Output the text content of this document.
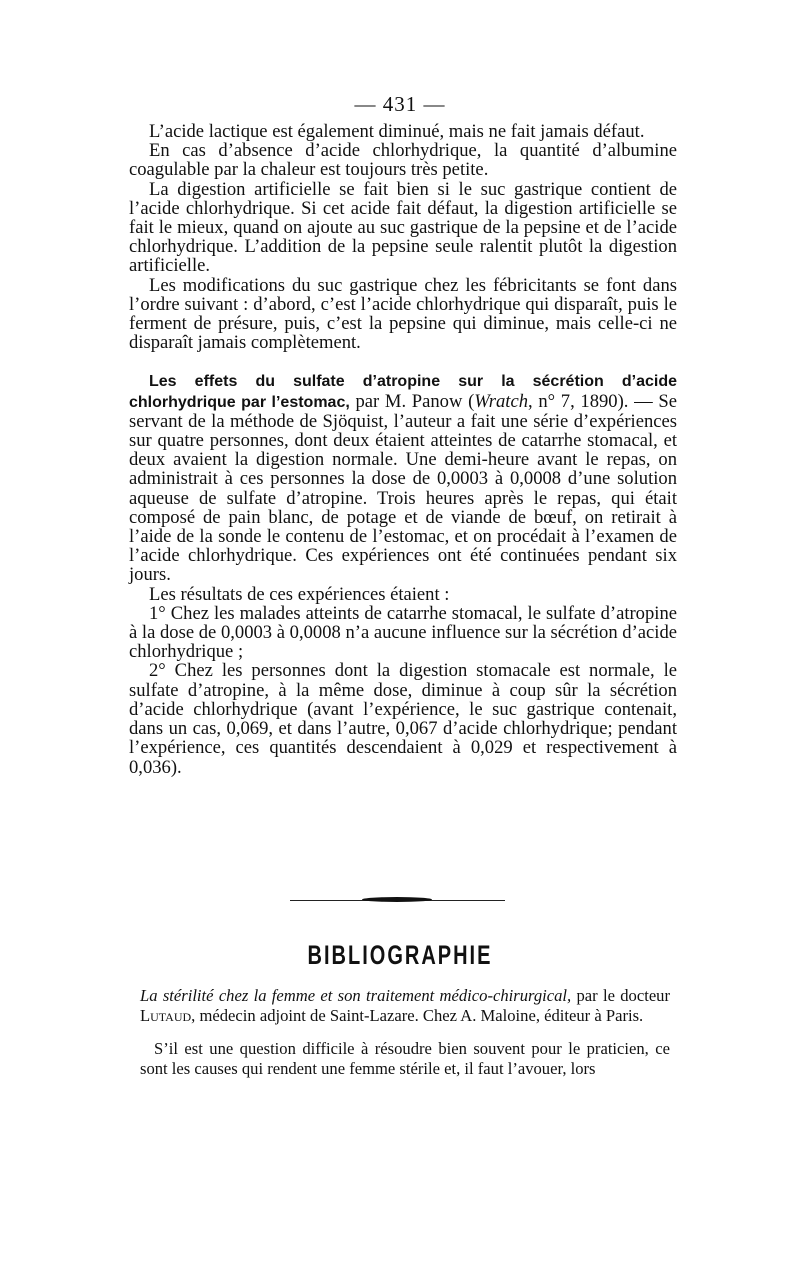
— 431 —

L’acide lactique est également diminué, mais ne fait jamais défaut.

En cas d’absence d’acide chlorhydrique, la quantité d’albumine coagulable par la chaleur est toujours très petite.

La digestion artificielle se fait bien si le suc gastrique contient de l’acide chlorhydrique. Si cet acide fait défaut, la digestion artificielle se fait le mieux, quand on ajoute au suc gastrique de la pepsine et de l’acide chlorhydrique. L’addition de la pepsine seule ralentit plutôt la digestion artificielle.

Les modifications du suc gastrique chez les fébricitants se font dans l’ordre suivant : d’abord, c’est l’acide chlorhydrique qui disparaît, puis le ferment de présure, puis, c’est la pepsine qui diminue, mais celle-ci ne disparaît jamais complètement.

Les effets du sulfate d’atropine sur la sécrétion d’acide chlorhydrique par l’estomac, par M. Panow (Wratch, n° 7, 1890). — Se servant de la méthode de Sjöquist, l’auteur a fait une série d’expériences sur quatre personnes, dont deux étaient atteintes de catarrhe stomacal, et deux avaient la digestion normale. Une demi-heure avant le repas, on administrait à ces personnes la dose de 0,0003 à 0,0008 d’une solution aqueuse de sulfate d’atropine. Trois heures après le repas, qui était composé de pain blanc, de potage et de viande de bœuf, on retirait à l’aide de la sonde le contenu de l’estomac, et on procédait à l’examen de l’acide chlorhydrique. Ces expériences ont été continuées pendant six jours.

Les résultats de ces expériences étaient :

1° Chez les malades atteints de catarrhe stomacal, le sulfate d’atropine à la dose de 0,0003 à 0,0008 n’a aucune influence sur la sécrétion d’acide chlorhydrique ;

2° Chez les personnes dont la digestion stomacale est normale, le sulfate d’atropine, à la même dose, diminue à coup sûr la sécrétion d’acide chlorhydrique (avant l’expérience, le suc gastrique contenait, dans un cas, 0,069, et dans l’autre, 0,067 d’acide chlorhydrique; pendant l’expérience, ces quantités descendaient à 0,029 et respectivement à 0,036).

BIBLIOGRAPHIE

La stérilité chez la femme et son traitement médico-chirurgical, par le docteur Lutaud, médecin adjoint de Saint-Lazare. Chez A. Maloine, éditeur à Paris.

S’il est une question difficile à résoudre bien souvent pour le praticien, ce sont les causes qui rendent une femme stérile et, il faut l’avouer, lors
